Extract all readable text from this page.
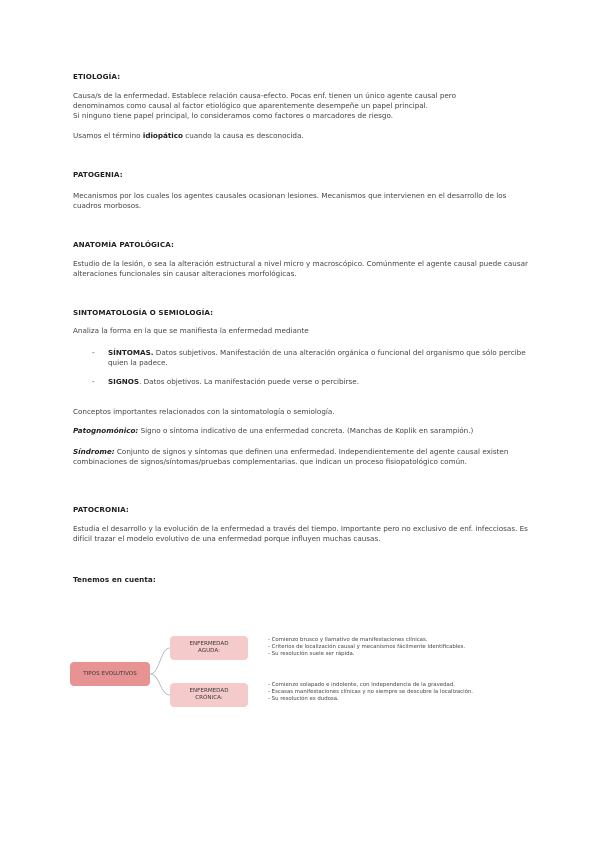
ETIOLOGÍA:
Causa/s de la enfermedad. Establece relación causa-efecto. Pocas enf. tienen un único agente causal pero
denominamos como causal al factor etiológico que aparentemente desempeñe un papel principal.
Si ninguno tiene papel principal, lo consideramos como factores o marcadores de riesgo.
Usamos el término idiopático cuando la causa es desconocida.
PATOGENIA:
Mecanismos por los cuales los agentes causales ocasionan lesiones. Mecanismos que intervienen en el desarrollo de los cuadros morbosos.
ANATOMÍA PATOLÓGICA:
Estudio de la lesión, o sea la alteración estructural a nivel micro y macroscópico. Comúnmente el agente causal puede causar alteraciones funcionales sin causar alteraciones morfológicas.
SINTOMATOLOGÍA O SEMIOLOGÍA:
Analiza la forma en la que se manifiesta la enfermedad mediante
- SÍNTOMAS. Datos subjetivos. Manifestación de una alteración orgánica o funcional del organismo que sólo percibe quien la padece.
- SIGNOS. Datos objetivos. La manifestación puede verse o percibirse.
Conceptos importantes relacionados con la sintomatología o semiología.
Patognomónico: Signo o síntoma indicativo de una enfermedad concreta. (Manchas de Koplik en sarampión.)
Síndrome: Conjunto de signos y síntomas que definen una enfermedad. Independientemente del agente causal existen combinaciones de signos/síntomas/pruebas complementarias. que indican un proceso fisiopatológico común.
PATOCRONIA:
Estudia el desarrollo y la evolución de la enfermedad a través del tiempo. Importante pero no exclusivo de enf. infecciosas. Es difícil trazar el modelo evolutivo de una enfermedad porque influyen muchas causas.
Tenemos en cuenta:
TIPOS EVOLUTIVOS
ENFERMEDAD
AGUDA:
ENFERMEDAD
CRÓNICA:
- Comienzo brusco y llamativo de manifestaciones clínicas.
- Criterios de localización causal y mecanismos fácilmente identificables.
- Su resolución suele ser rápida.
- Comienzo solapado e indolente, con independencia de la gravedad.
- Escasas manifestaciones clínicas y no siempre se descubre la localización.
- Su resolución es dudosa.
